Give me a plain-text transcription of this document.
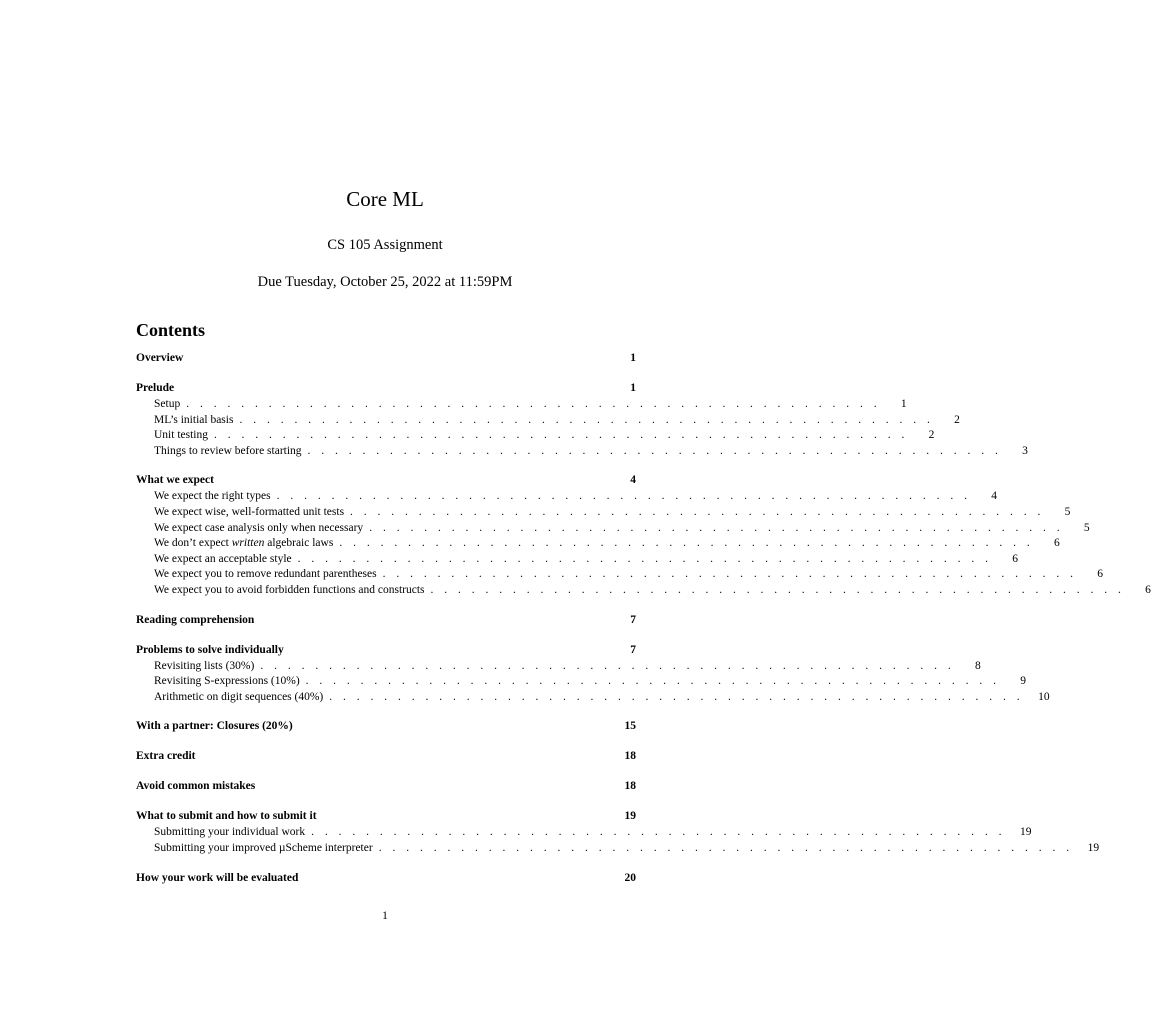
Core ML
CS 105 Assignment
Due Tuesday, October 25, 2022 at 11:59PM
Contents
Overview	1
Prelude	1
Setup . . . . . . . . . . . . . . . . . . . . . . . . . . . . . . . . . . . . . . . . . . . . . . . . . . .	1
ML’s initial basis . . . . . . . . . . . . . . . . . . . . . . . . . . . . . . . . . . . . . . . . . . . . . . . . . . .	2
Unit testing . . . . . . . . . . . . . . . . . . . . . . . . . . . . . . . . . . . . . . . . . . . . . . . . . . .	2
Things to review before starting . . . . . . . . . . . . . . . . . . . . . . . . . . . . . . . . . . . . . . . . . . . . . . . . . . .	3
What we expect	4
We expect the right types . . . . . . . . . . . . . . . . . . . . . . . . . . . . . . . . . . . . . . . . . . . . . . . . . . .	4
We expect wise, well-formatted unit tests . . . . . . . . . . . . . . . . . . . . . . . . . . . . . . . . . . . . . . . . . . . . . . . . . . .	5
We expect case analysis only when necessary . . . . . . . . . . . . . . . . . . . . . . . . . . . . . . . . . . . . . . . . . . . . . . . . . . .	5
We don’t expect written algebraic laws . . . . . . . . . . . . . . . . . . . . . . . . . . . . . . . . . . . . . . . . . . . . . . . . . . .	6
We expect an acceptable style . . . . . . . . . . . . . . . . . . . . . . . . . . . . . . . . . . . . . . . . . . . . . . . . . . .	6
We expect you to remove redundant parentheses . . . . . . . . . . . . . . . . . . . . . . . . . . . . . . . . . . . . . . . . . . . . . . . . . . .	6
We expect you to avoid forbidden functions and constructs . . . . . . . . . . . . . . . . . . . . . . . . . . . . . . . . . . . . . . . . . . . . . . . . . . .	6
Reading comprehension	7
Problems to solve individually	7
Revisiting lists (30%) . . . . . . . . . . . . . . . . . . . . . . . . . . . . . . . . . . . . . . . . . . . . . . . . . . .	8
Revisiting S-expressions (10%) . . . . . . . . . . . . . . . . . . . . . . . . . . . . . . . . . . . . . . . . . . . . . . . . . . .	9
Arithmetic on digit sequences (40%) . . . . . . . . . . . . . . . . . . . . . . . . . . . . . . . . . . . . . . . . . . . . . . . . . . .	10
With a partner: Closures (20%)	15
Extra credit	18
Avoid common mistakes	18
What to submit and how to submit it	19
Submitting your individual work . . . . . . . . . . . . . . . . . . . . . . . . . . . . . . . . . . . . . . . . . . . . . . . . . . .	19
Submitting your improved µScheme interpreter . . . . . . . . . . . . . . . . . . . . . . . . . . . . . . . . . . . . . . . . . . . . . . . . . . .	19
How your work will be evaluated	20
1
